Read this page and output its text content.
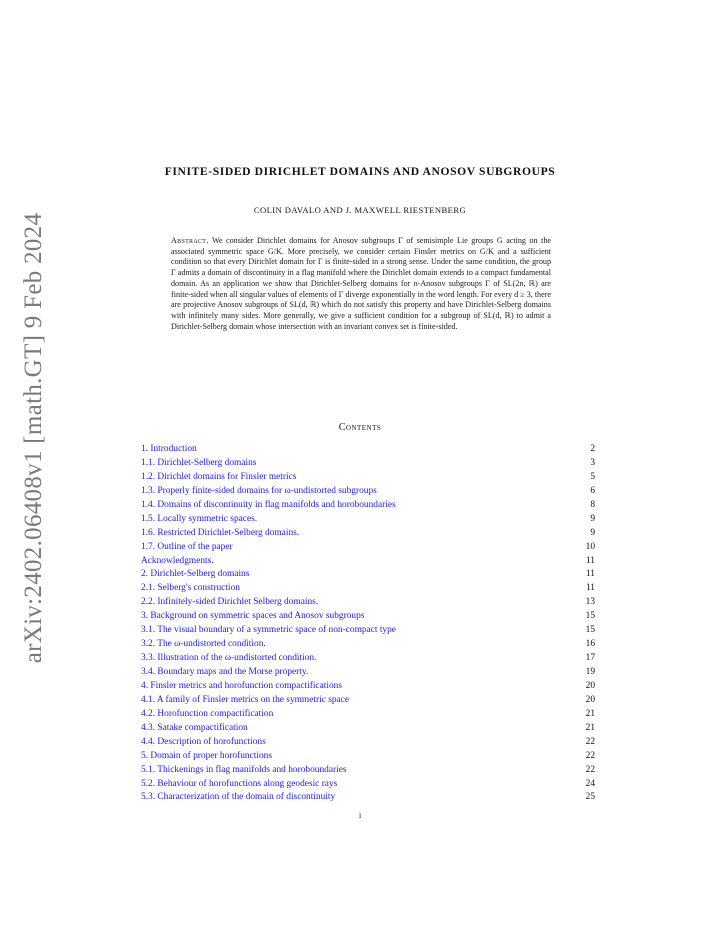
arXiv:2402.06408v1 [math.GT] 9 Feb 2024
FINITE-SIDED DIRICHLET DOMAINS AND ANOSOV SUBGROUPS
COLIN DAVALO AND J. MAXWELL RIESTENBERG
Abstract. We consider Dirichlet domains for Anosov subgroups Γ of semisimple Lie groups G acting on the associated symmetric space G/K. More precisely, we consider certain Finsler metrics on G/K and a sufficient condition so that every Dirichlet domain for Γ is finite-sided in a strong sense. Under the same condition, the group Γ admits a domain of discontinuity in a flag manifold where the Dirichlet domain extends to a compact fundamental domain. As an application we show that Dirichlet-Selberg domains for n-Anosov subgroups Γ of SL(2n, ℝ) are finite-sided when all singular values of elements of Γ diverge exponentially in the word length. For every d ≥ 3, there are projective Anosov subgroups of SL(d, ℝ) which do not satisfy this property and have Dirichlet-Selberg domains with infinitely many sides. More generally, we give a sufficient condition for a subgroup of SL(d, ℝ) to admit a Dirichlet-Selberg domain whose intersection with an invariant convex set is finite-sided.
Contents
1. Introduction	2
1.1. Dirichlet-Selberg domains	3
1.2. Dirichlet domains for Finsler metrics	5
1.3. Properly finite-sided domains for ω-undistorted subgroups	6
1.4. Domains of discontinuity in flag manifolds and horoboundaries	8
1.5. Locally symmetric spaces.	9
1.6. Restricted Dirichlet-Selberg domains.	9
1.7. Outline of the paper	10
Acknowledgments.	11
2. Dirichlet-Selberg domains	11
2.1. Selberg's construction	11
2.2. Infinitely-sided Dirichlet Selberg domains.	13
3. Background on symmetric spaces and Anosov subgroups	15
3.1. The visual boundary of a symmetric space of non-compact type	15
3.2. The ω-undistorted condition.	16
3.3. Illustration of the ω-undistorted condition.	17
3.4. Boundary maps and the Morse property.	19
4. Finsler metrics and horofunction compactifications	20
4.1. A family of Finsler metrics on the symmetric space	20
4.2. Horofunction compactification	21
4.3. Satake compactification	21
4.4. Description of horofunctions	22
5. Domain of proper horofunctions	22
5.1. Thickenings in flag manifolds and horoboundaries	22
5.2. Behaviour of horofunctions along geodesic rays	24
5.3. Characterization of the domain of discontinuity	25
1
